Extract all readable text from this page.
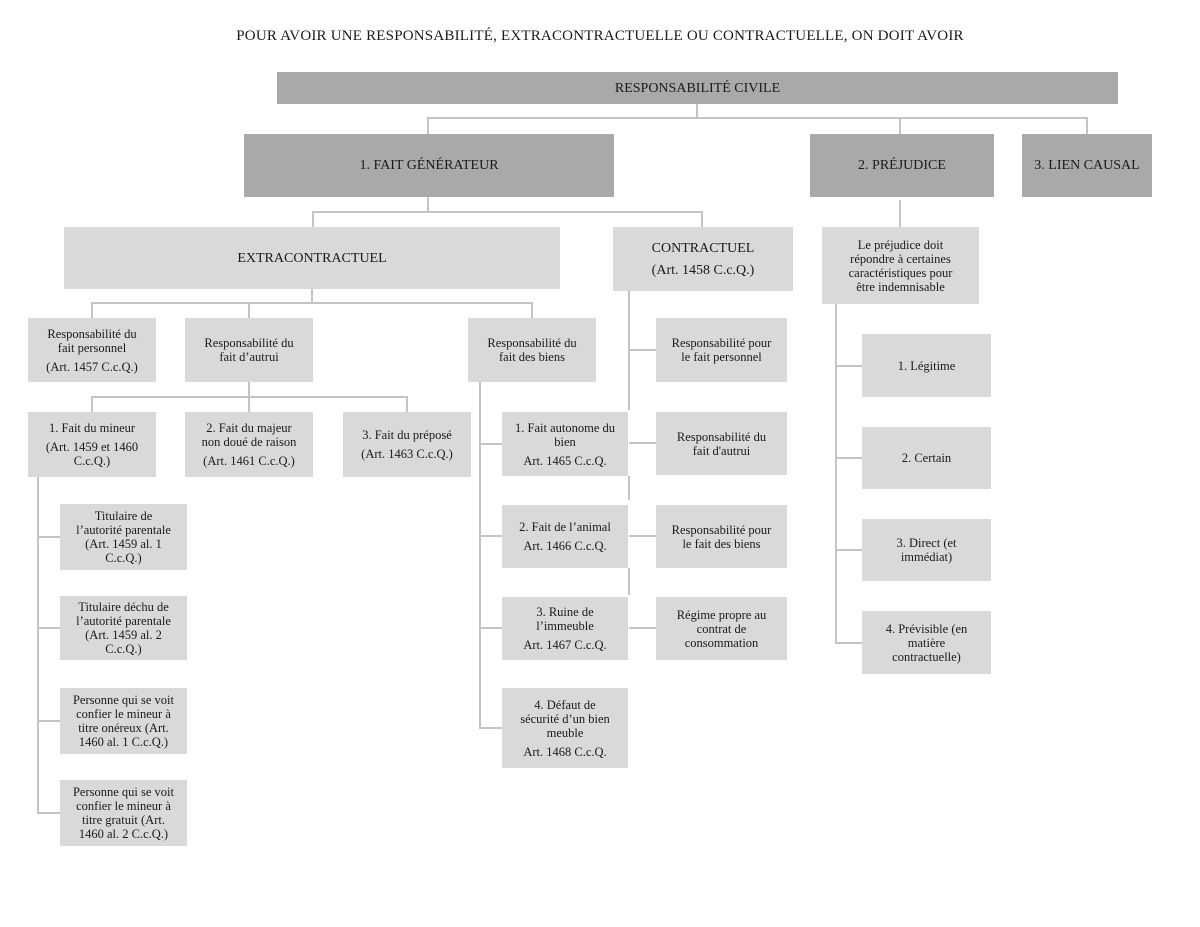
POUR AVOIR UNE RESPONSABILITÉ, EXTRACONTRACTUELLE OU CONTRACTUELLE, ON DOIT AVOIR
RESPONSABILITÉ CIVILE
1. FAIT GÉNÉRATEUR	2. PRÉJUDICE	3. LIEN CAUSAL
EXTRACONTRACTUEL
CONTRACTUEL
(Art. 1458 C.c.Q.)
Le préjudice doit
répondre à certaines
caractéristiques pour
être indemnisable
Responsabilité du
fait personnel
(Art. 1457 C.c.Q.)
Responsabilité du
fait d’autrui
Responsabilité du
fait des biens
1. Fait du mineur
(Art. 1459 et 1460
C.c.Q.)
2. Fait du majeur
non doué de raison
(Art. 1461 C.c.Q.)
3. Fait du préposé
(Art. 1463 C.c.Q.)
Titulaire de
l’autorité parentale
(Art. 1459 al. 1
C.c.Q.)
Titulaire déchu de
l’autorité parentale
(Art. 1459 al. 2
C.c.Q.)
Personne qui se voit
confier le mineur à
titre onéreux (Art.
1460 al. 1 C.c.Q.)
Personne qui se voit
confier le mineur à
titre gratuit (Art.
1460 al. 2 C.c.Q.)
1. Fait autonome du
bien
Art. 1465 C.c.Q.
2. Fait de l’animal
Art. 1466 C.c.Q.
3. Ruine de
l’immeuble
Art. 1467 C.c.Q.
4. Défaut de
sécurité d’un bien
meuble
Art. 1468 C.c.Q.
Responsabilité pour
le fait personnel
Responsabilité du
fait d'autrui
Responsabilité pour
le fait des biens
Régime propre au
contrat de
consommation
1. Légitime
2. Certain
3. Direct (et
immédiat)
4. Prévisible (en
matière
contractuelle)
